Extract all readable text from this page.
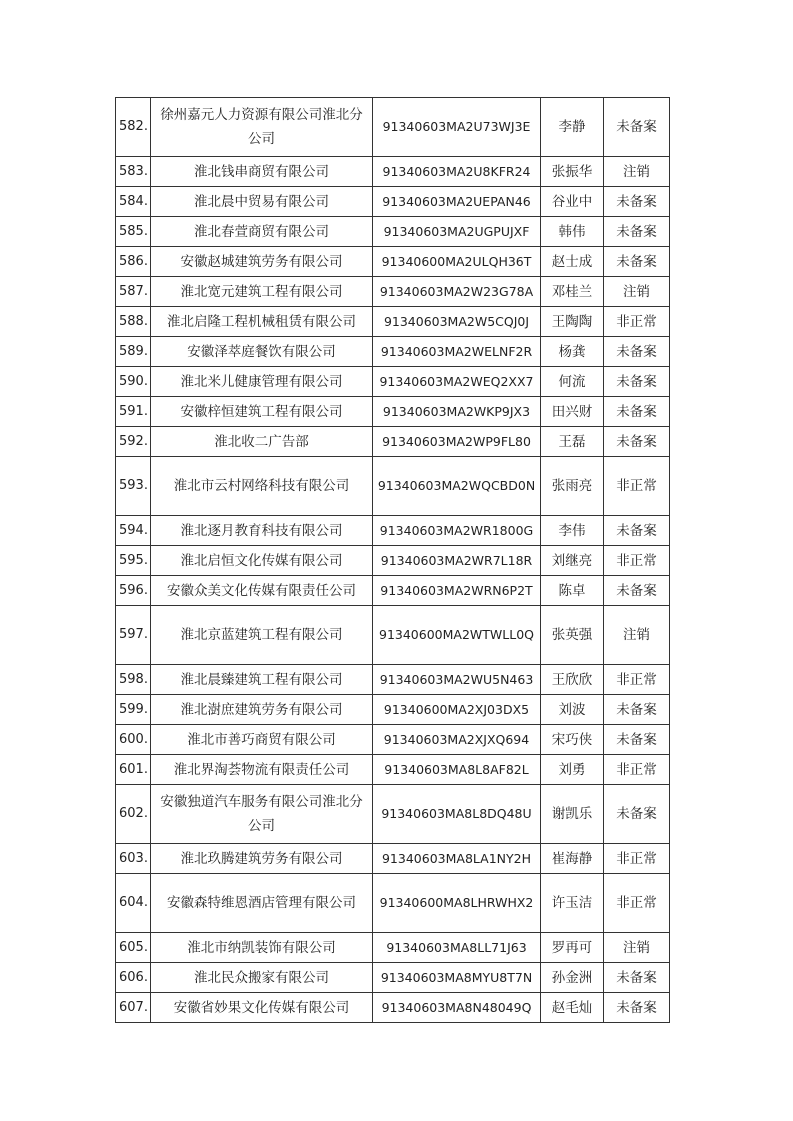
582.	徐州嘉元人力资源有限公司淮北分公司	91340603MA2U73WJ3E	李静	未备案
583.	淮北钱串商贸有限公司	91340603MA2U8KFR24	张振华	注销
584.	淮北晨中贸易有限公司	91340603MA2UEPAN46	谷业中	未备案
585.	淮北春萱商贸有限公司	91340603MA2UGPUJXF	韩伟	未备案
586.	安徽赵城建筑劳务有限公司	91340600MA2ULQH36T	赵士成	未备案
587.	淮北宽元建筑工程有限公司	91340603MA2W23G78A	邓桂兰	注销
588.	淮北启隆工程机械租赁有限公司	91340603MA2W5CQJ0J	王陶陶	非正常
589.	安徽泽萃庭餐饮有限公司	91340603MA2WELNF2R	杨龚	未备案
590.	淮北米儿健康管理有限公司	91340603MA2WEQ2XX7	何流	未备案
591.	安徽梓恒建筑工程有限公司	91340603MA2WKP9JX3	田兴财	未备案
592.	淮北收二广告部	91340603MA2WP9FL80	王磊	未备案
593.	淮北市云村网络科技有限公司	91340603MA2WQCBD0N	张雨亮	非正常
594.	淮北逐月教育科技有限公司	91340603MA2WR1800G	李伟	未备案
595.	淮北启恒文化传媒有限公司	91340603MA2WR7L18R	刘继亮	非正常
596.	安徽众美文化传媒有限责任公司	91340603MA2WRN6P2T	陈卓	未备案
597.	淮北京蓝建筑工程有限公司	91340600MA2WTWLL0Q	张英强	注销
598.	淮北晨臻建筑工程有限公司	91340603MA2WU5N463	王欣欣	非正常
599.	淮北澍庶建筑劳务有限公司	91340600MA2XJ03DX5	刘波	未备案
600.	淮北市善巧商贸有限公司	91340603MA2XJXQ694	宋巧侠	未备案
601.	淮北界淘荟物流有限责任公司	91340603MA8L8AF82L	刘勇	非正常
602.	安徽独道汽车服务有限公司淮北分公司	91340603MA8L8DQ48U	谢凯乐	未备案
603.	淮北玖腾建筑劳务有限公司	91340603MA8LA1NY2H	崔海静	非正常
604.	安徽森特维恩酒店管理有限公司	91340600MA8LHRWHX2	许玉洁	非正常
605.	淮北市纳凯装饰有限公司	91340603MA8LL71J63	罗再可	注销
606.	淮北民众搬家有限公司	91340603MA8MYU8T7N	孙金洲	未备案
607.	安徽省妙果文化传媒有限公司	91340603MA8N48049Q	赵毛灿	未备案
